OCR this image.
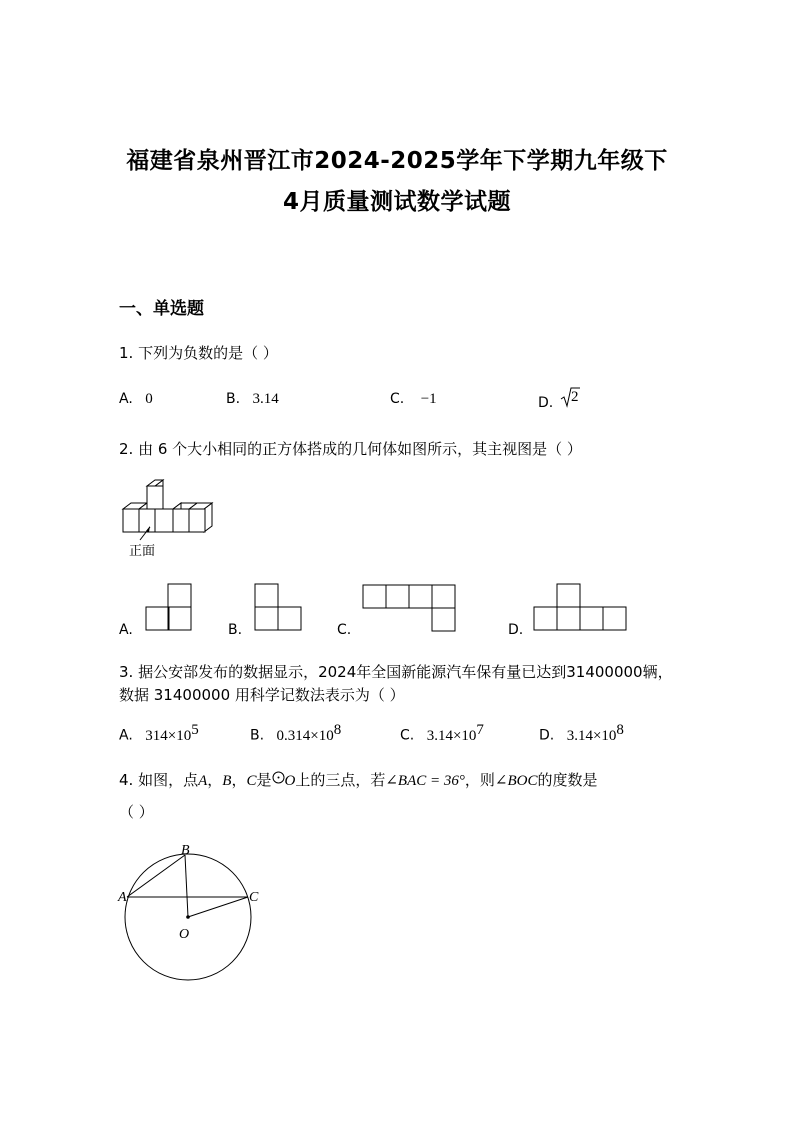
福建省泉州晋江市2024-2025学年下学期九年级下
4月质量测试数学试题
一、单选题
1. 下列为负数的是（ ）
A. 0	B. 3.14	C. −1	D. 2
2. 由 6 个大小相同的正方体搭成的几何体如图所示，其主视图是（ ）
正面
A.	B.	C.	D.
3. 据公安部发布的数据显示，2024年全国新能源汽车保有量已达到31400000辆，
数据 31400000 用科学记数法表示为（ ）
A. $314\times 10^5$	B. $0.314\times 10^8$	C. $3.14\times 10^7$	D. $3.14\times 10^8$
4. 如图，点A，B，C是 O上的三点，若∠BAC = 36°，则∠BOC的度数是
（ ）
B
A	C
O
